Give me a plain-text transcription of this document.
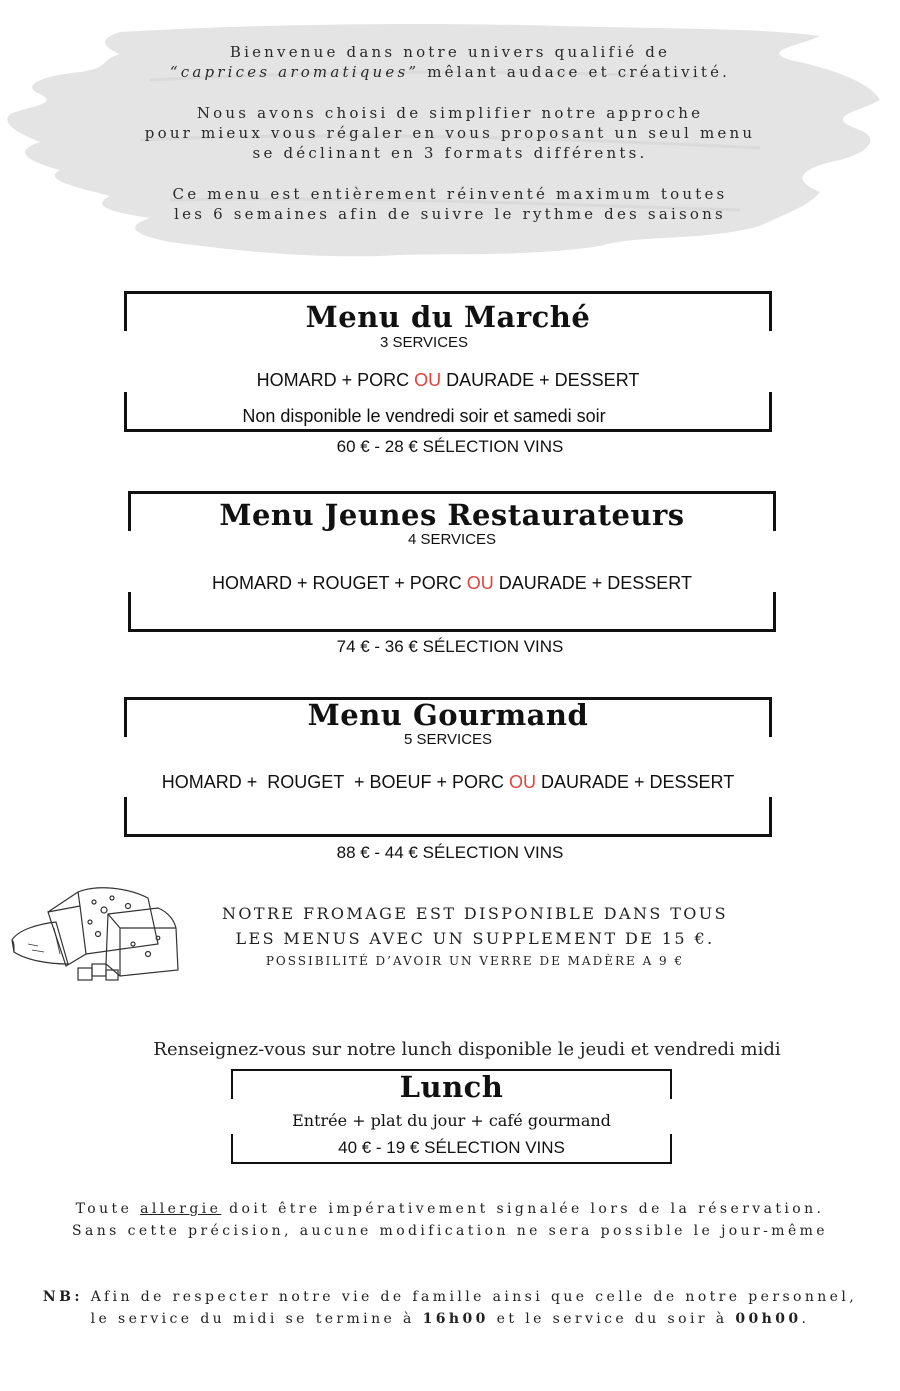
Bienvenue dans notre univers qualifié de

“caprices aromatiques” mêlant audace et créativité.

Nous avons choisi de simplifier notre approche

pour mieux vous régaler en vous proposant un seul menu

se déclinant en 3 formats différents.

Ce menu est entièrement réinventé maximum toutes

les 6 semaines afin de suivre le rythme des saisons

Menu du Marché
3 SERVICES
HOMARD + PORC OU DAURADE + DESSERT
Non disponible le vendredi soir et samedi soir
60 € - 28 € SÉLECTION VINS
Menu Jeunes Restaurateurs
4 SERVICES
HOMARD + ROUGET + PORC OU DAURADE + DESSERT
74 € - 36 € SÉLECTION VINS
Menu Gourmand
5 SERVICES
HOMARD +  ROUGET  + BOEUF + PORC OU DAURADE + DESSERT
88 € - 44 € SÉLECTION VINS
NOTRE FROMAGE EST DISPONIBLE DANS TOUS
LES MENUS AVEC UN SUPPLEMENT DE 15 €.
POSSIBILITÉ D’AVOIR UN VERRE DE MADÈRE A 9 €
Renseignez-vous sur notre lunch disponible le jeudi et vendredi midi
Lunch
Entrée + plat du jour + café gourmand
40 € - 19 € SÉLECTION VINS
Toute allergie doit être impérativement signalée lors de la réservation.
Sans cette précision, aucune modification ne sera possible le jour-même
NB: Afin de respecter notre vie de famille ainsi que celle de notre personnel,
le service du midi se termine à 16h00 et le service du soir à 00h00.
